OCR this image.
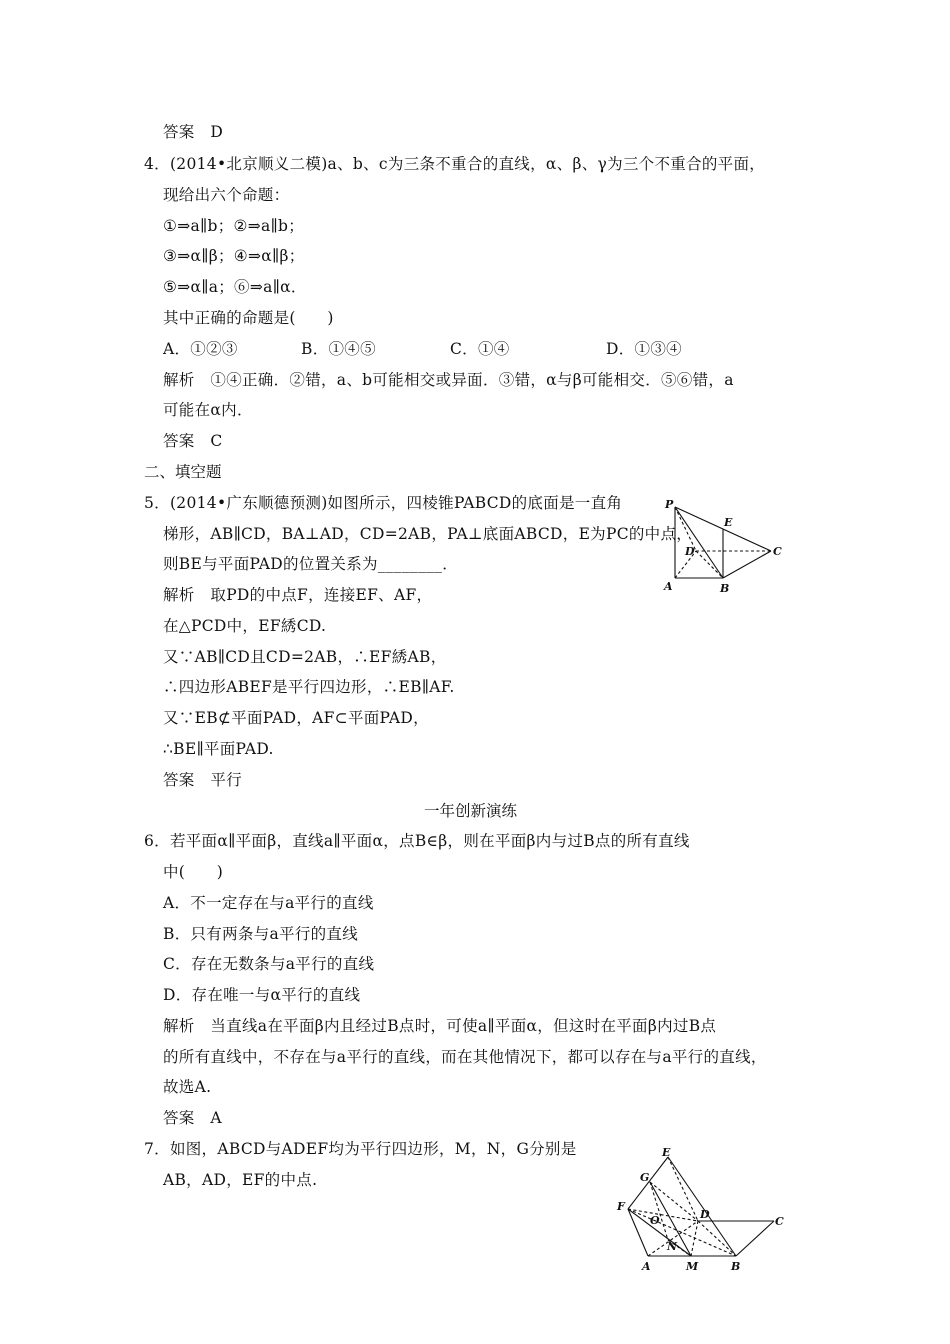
答案　D
4．(2014•北京顺义二模)a、b、c为三条不重合的直线，α、β、γ为三个不重合的平面，
现给出六个命题：
①⇒a∥b；②⇒a∥b；
③⇒α∥β；④⇒α∥β；
⑤⇒α∥a；⑥⇒a∥α．
其中正确的命题是(　　)
A．①②③	B．①④⑤	C．①④	D．①③④
解析　①④正确．②错，a、b可能相交或异面．③错，α与β可能相交．⑤⑥错，a
可能在α内．
答案　C
二、填空题
5．(2014•广东顺德预测)如图所示，四棱锥PABCD的底面是一直角
梯形，AB∥CD，BA⊥AD，CD=2AB，PA⊥底面ABCD，E为PC的中点，
则BE与平面PAD的位置关系为________．
解析　取PD的中点F，连接EF、AF，
在△PCD中，EF綉CD.
又∵AB∥CD且CD=2AB，∴EF綉AB，
∴四边形ABEF是平行四边形，∴EB∥AF.
又∵EB⊄平面PAD，AF⊂平面PAD，
∴BE∥平面PAD.
答案　平行
P
E
D	C
A	B
一年创新演练
6．若平面α∥平面β，直线a∥平面α，点B∈β，则在平面β内与过B点的所有直线
中(　　)
A．不一定存在与a平行的直线
B．只有两条与a平行的直线
C．存在无数条与a平行的直线
D．存在唯一与α平行的直线
解析　当直线a在平面β内且经过B点时，可使a∥平面α，但这时在平面β内过B点
的所有直线中，不存在与a平行的直线，而在其他情况下，都可以存在与a平行的直线，
故选A.
答案　A
7．如图，ABCD与ADEF均为平行四边形，M，N，G分别是
AB，AD，EF的中点.
E
G
F
O	D
C
N
A	M	B
